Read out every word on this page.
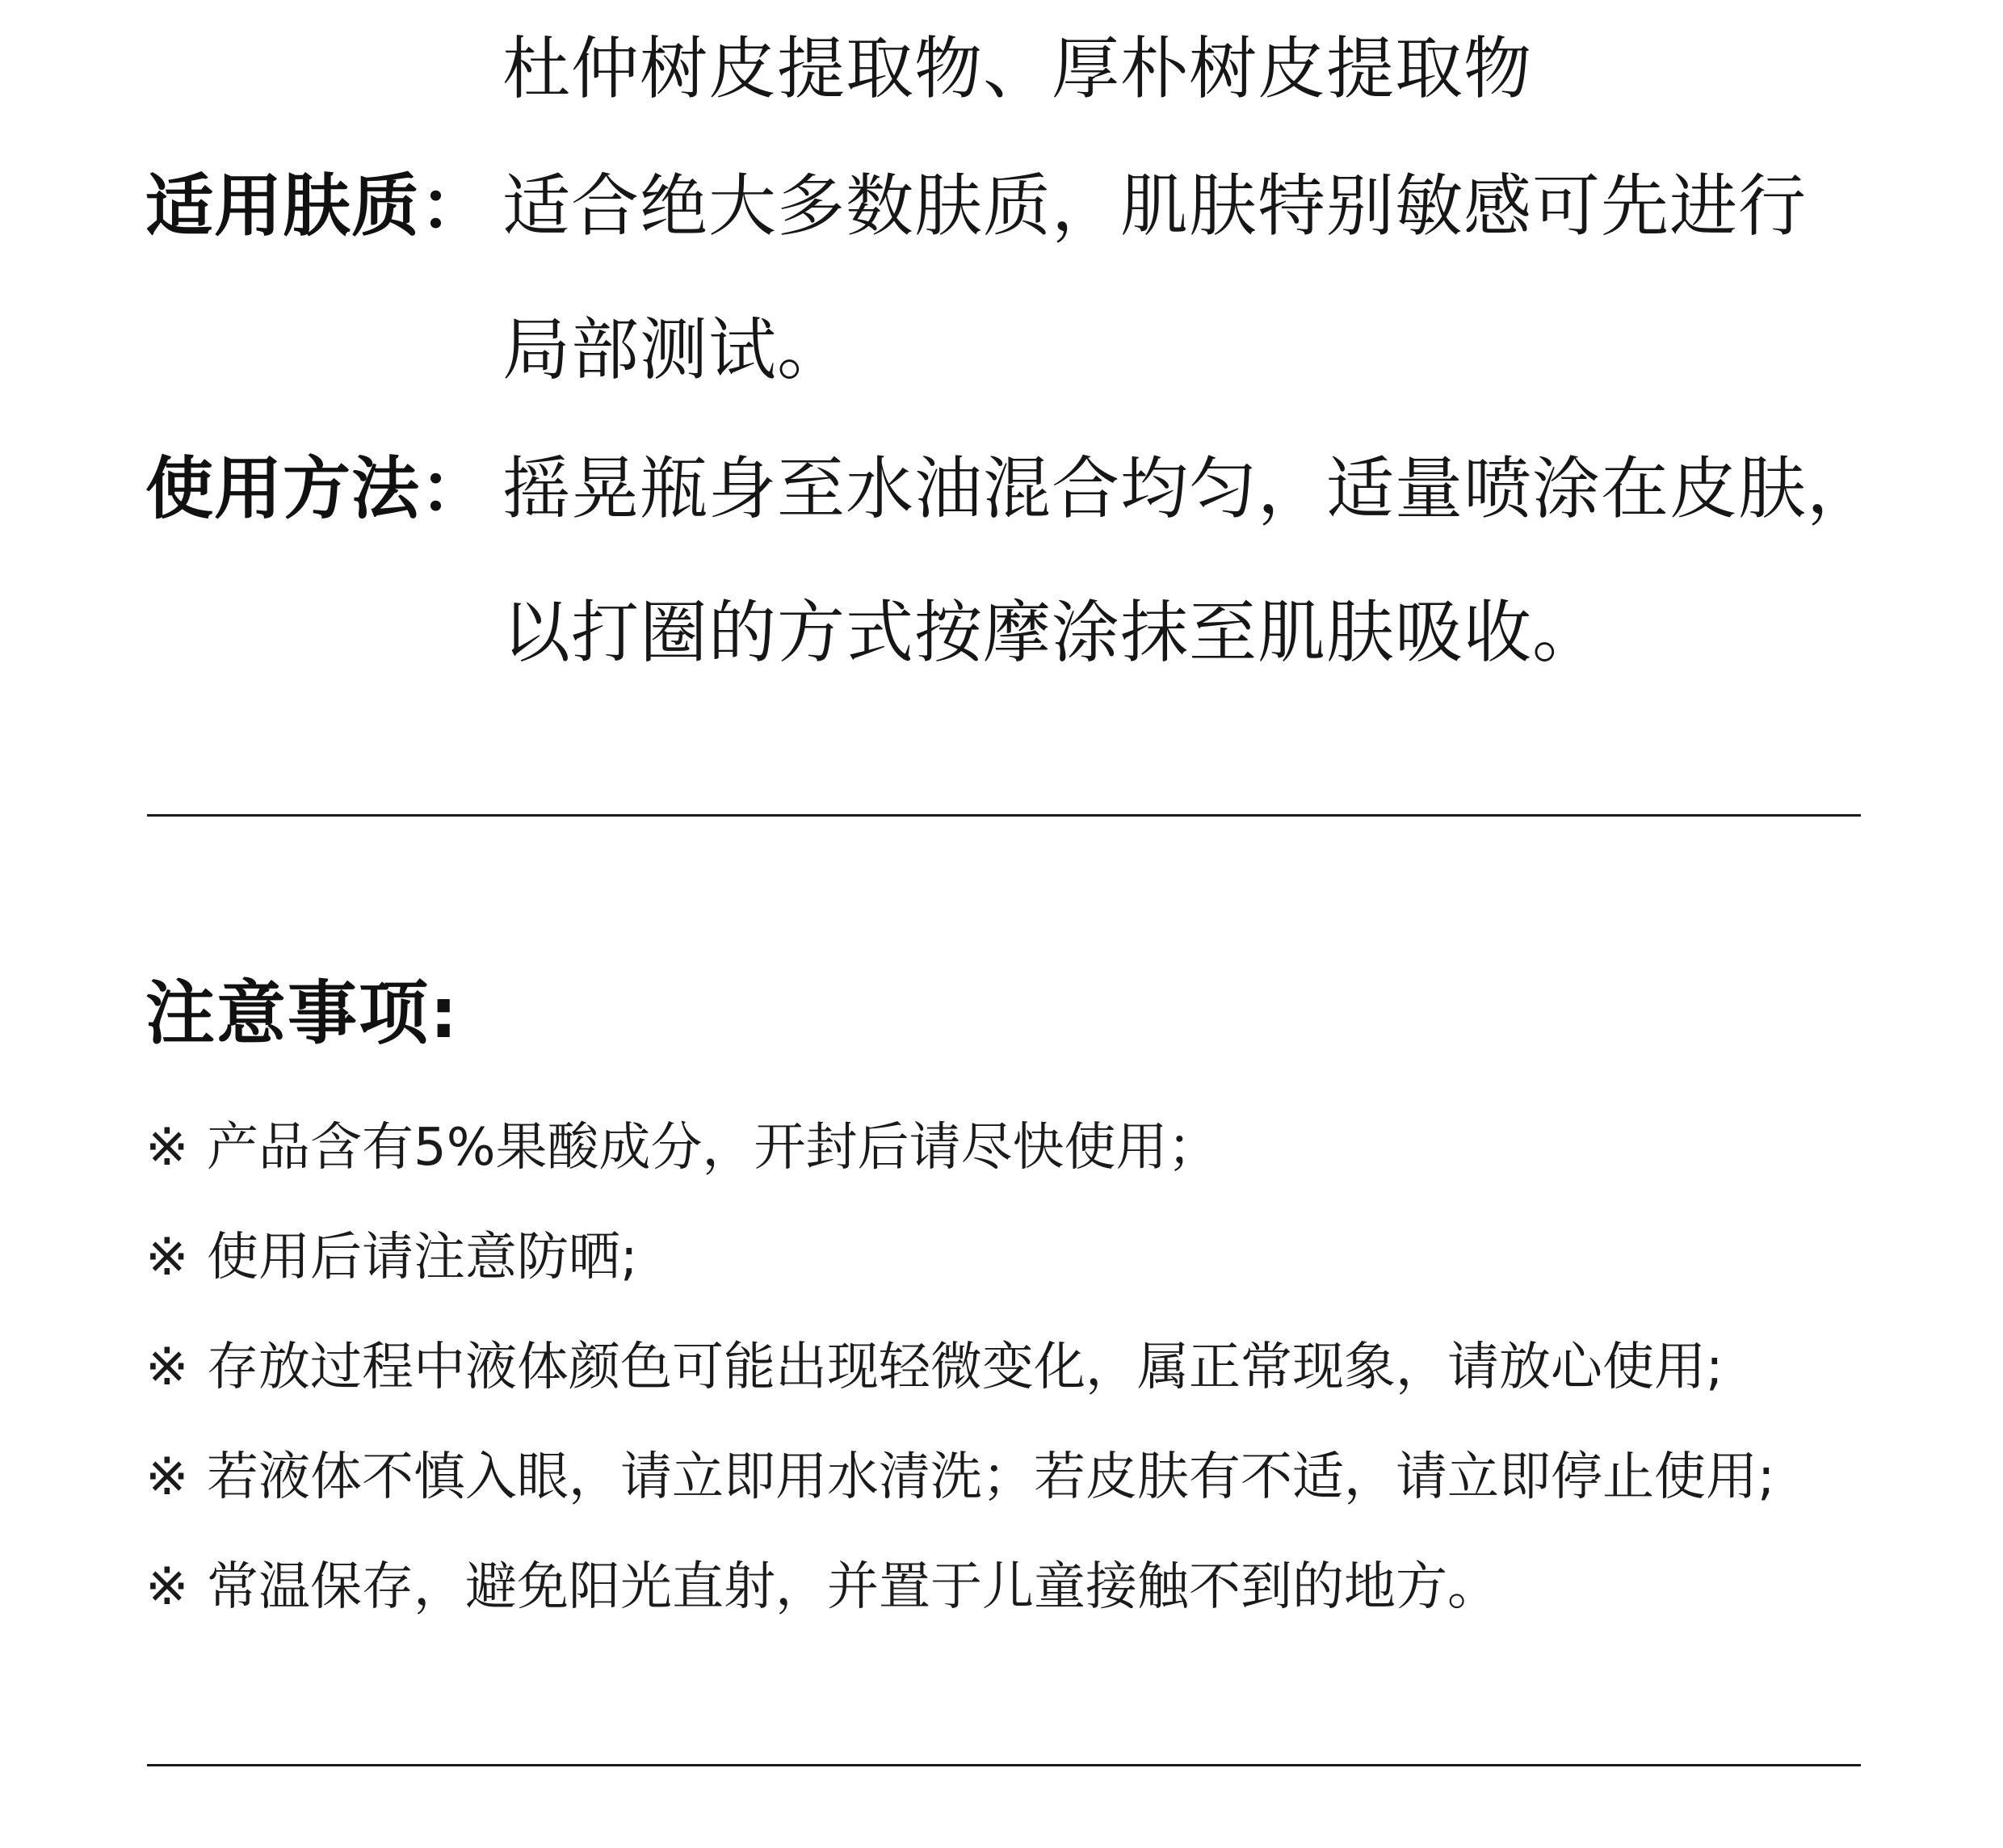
杜仲树皮提取物、厚朴树皮提取物
适用肤质： 适合绝大多数肤质，肌肤特别敏感可先进行
局部测试。
使用方法： 摇晃瓶身至水油混合均匀，适量喷涂在皮肤，
以打圈的方式按摩涂抹至肌肤吸收。
注意事项:
※ 产品含有5%果酸成分，开封后请尽快使用；
※ 使用后请注意防晒;
※ 存放过程中液体颜色可能出现轻微变化，属正常现象，请放心使用;
※ 若液体不慎入眼，请立即用水清洗；若皮肤有不适，请立即停止使用;
※ 常温保存，避免阳光直射，并置于儿童接触不到的地方。
